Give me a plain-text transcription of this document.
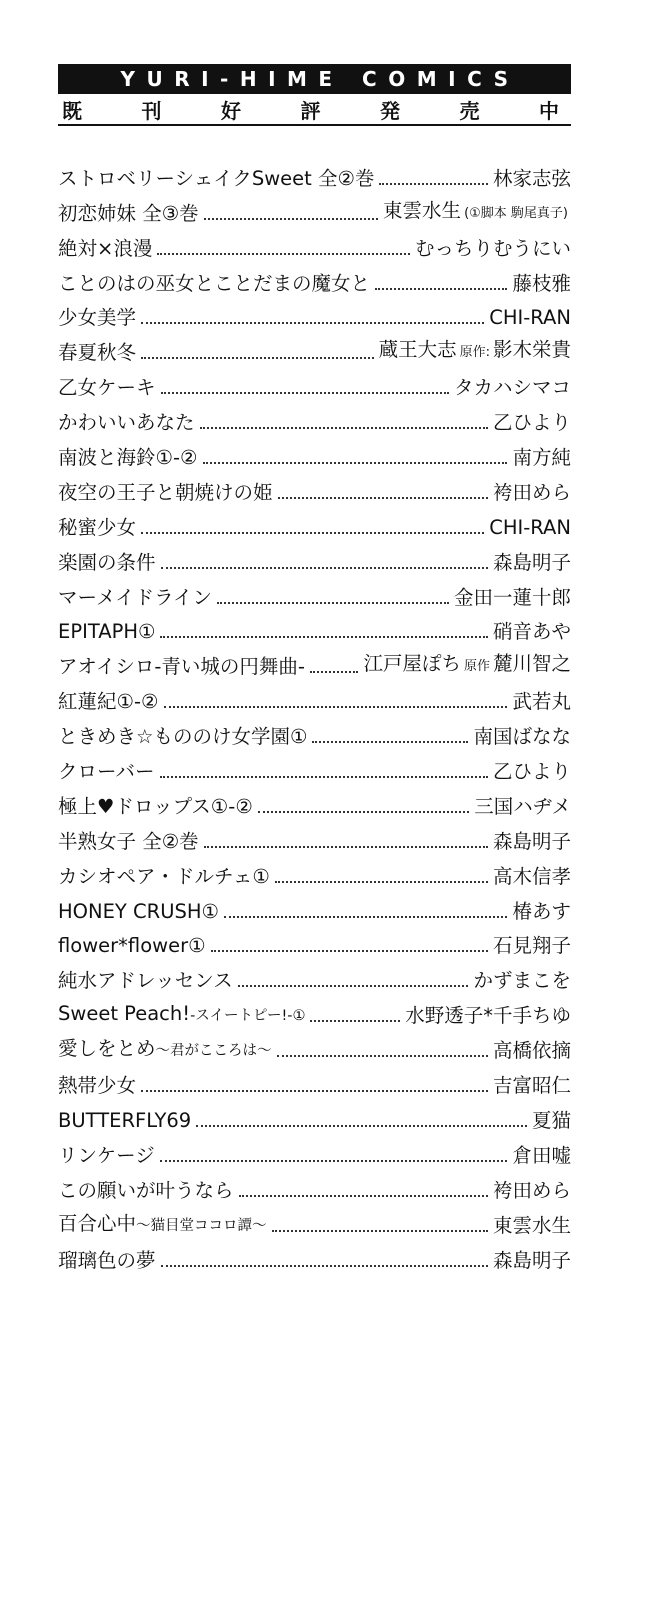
YURI-HIME COMICS
既	刊	好	評	発	売	中
ストロベリーシェイクSweet 全②巻	林家志弦
初恋姉妹 全③巻	東雲水生 (①脚本 駒尾真子)
絶対×浪漫	むっちりむうにい
ことのはの巫女とことだまの魔女と	藤枝雅
少女美学	CHI-RAN
春夏秋冬	蔵王大志 原作: 影木栄貴
乙女ケーキ	タカハシマコ
かわいいあなた	乙ひより
南波と海鈴①-②	南方純
夜空の王子と朝焼けの姫	袴田めら
秘蜜少女	CHI-RAN
楽園の条件	森島明子
マーメイドライン	金田一蓮十郎
EPITAPH①	硝音あや
アオイシロ-青い城の円舞曲-	江戸屋ぽち 原作 麓川智之
紅蓮紀①-②	武若丸
ときめき☆もののけ女学園①	南国ばなな
クローバー	乙ひより
極上♥ドロップス①-②	三国ハヂメ
半熟女子 全②巻	森島明子
カシオペア・ドルチェ①	高木信孝
HONEY CRUSH①	椿あす
flower*flower①	石見翔子
純水アドレッセンス	かずまこを
Sweet Peach!-スイートピー!-①	水野透子*千手ちゆ
愛しをとめ～君がこころは～	高橋依摘
熱帯少女	吉富昭仁
BUTTERFLY69	夏猫
リンケージ	倉田嘘
この願いが叶うなら	袴田めら
百合心中～猫目堂ココロ譚～	東雲水生
瑠璃色の夢	森島明子
